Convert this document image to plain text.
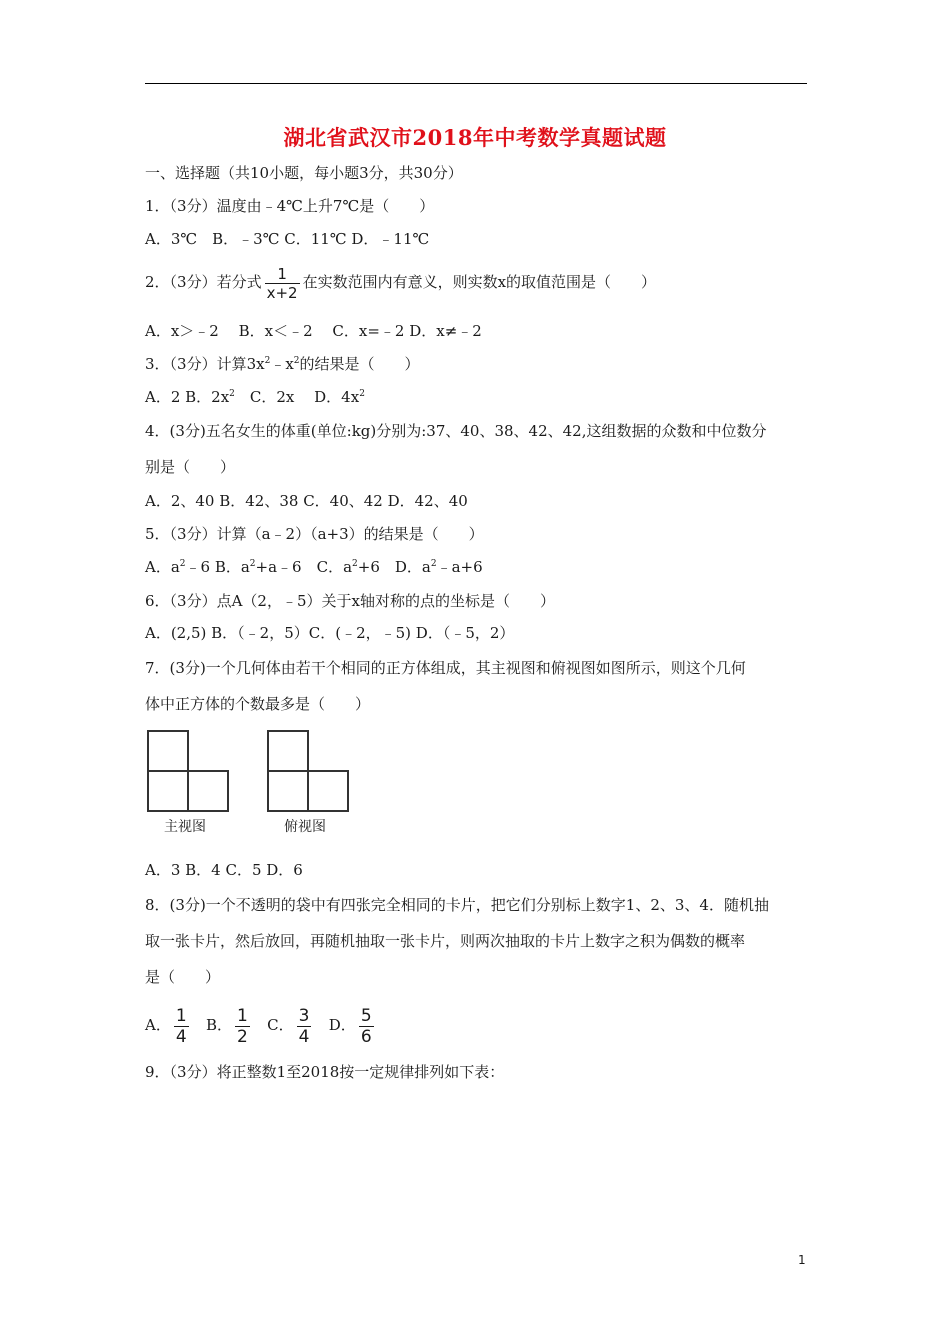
湖北省武汉市2018年中考数学真题试题
一、选择题（共10小题，每小题3分，共30分）
1．（3分）温度由﹣4℃上升7℃是（　　）
A．3℃　B．﹣3℃ C．11℃ D．﹣11℃
2．（3分）若分式 $\frac{1}{x+2}$ 在实数范围内有意义，则实数x的取值范围是（　　）
A．x＞﹣2　 B．x＜﹣2　 C．x=﹣2 D．x≠﹣2
3．（3分）计算$3x^2﹣x^2$的结果是（　　）
A．2 B．$2x^2$　C．2x　 D．$4x^2$
4．(3分)五名女生的体重(单位:kg)分别为:37、40、38、42、42,这组数据的众数和中位数分
别是（　　）
A．2、40 B．42、38 C．40、42 D．42、40
5．（3分）计算（a﹣2）（a+3）的结果是（　　）
A．$a^2﹣6$ B．$a^2+a﹣6$　C．$a^2+6$　D．$a^2﹣a+6$
6．（3分）点A（2，﹣5）关于x轴对称的点的坐标是（　　）
A．(2,5) B．（﹣2，5）C．(﹣2，﹣5) D．（﹣5，2）
7．(3分)一个几何体由若干个相同的正方体组成，其主视图和俯视图如图所示，则这个几何
体中正方体的个数最多是（　　）
主视图	俯视图
A．3 B．4 C．5 D．6
8．(3分)一个不透明的袋中有四张完全相同的卡片，把它们分别标上数字1、2、3、4．随机抽
取一张卡片，然后放回，再随机抽取一张卡片，则两次抽取的卡片上数字之积为偶数的概率
是（　　）
A． $\frac{1}{4}$ B． $\frac{1}{2}$ C． $\frac{3}{4}$ D． $\frac{5}{6}$
9．（3分）将正整数1至2018按一定规律排列如下表：
1
